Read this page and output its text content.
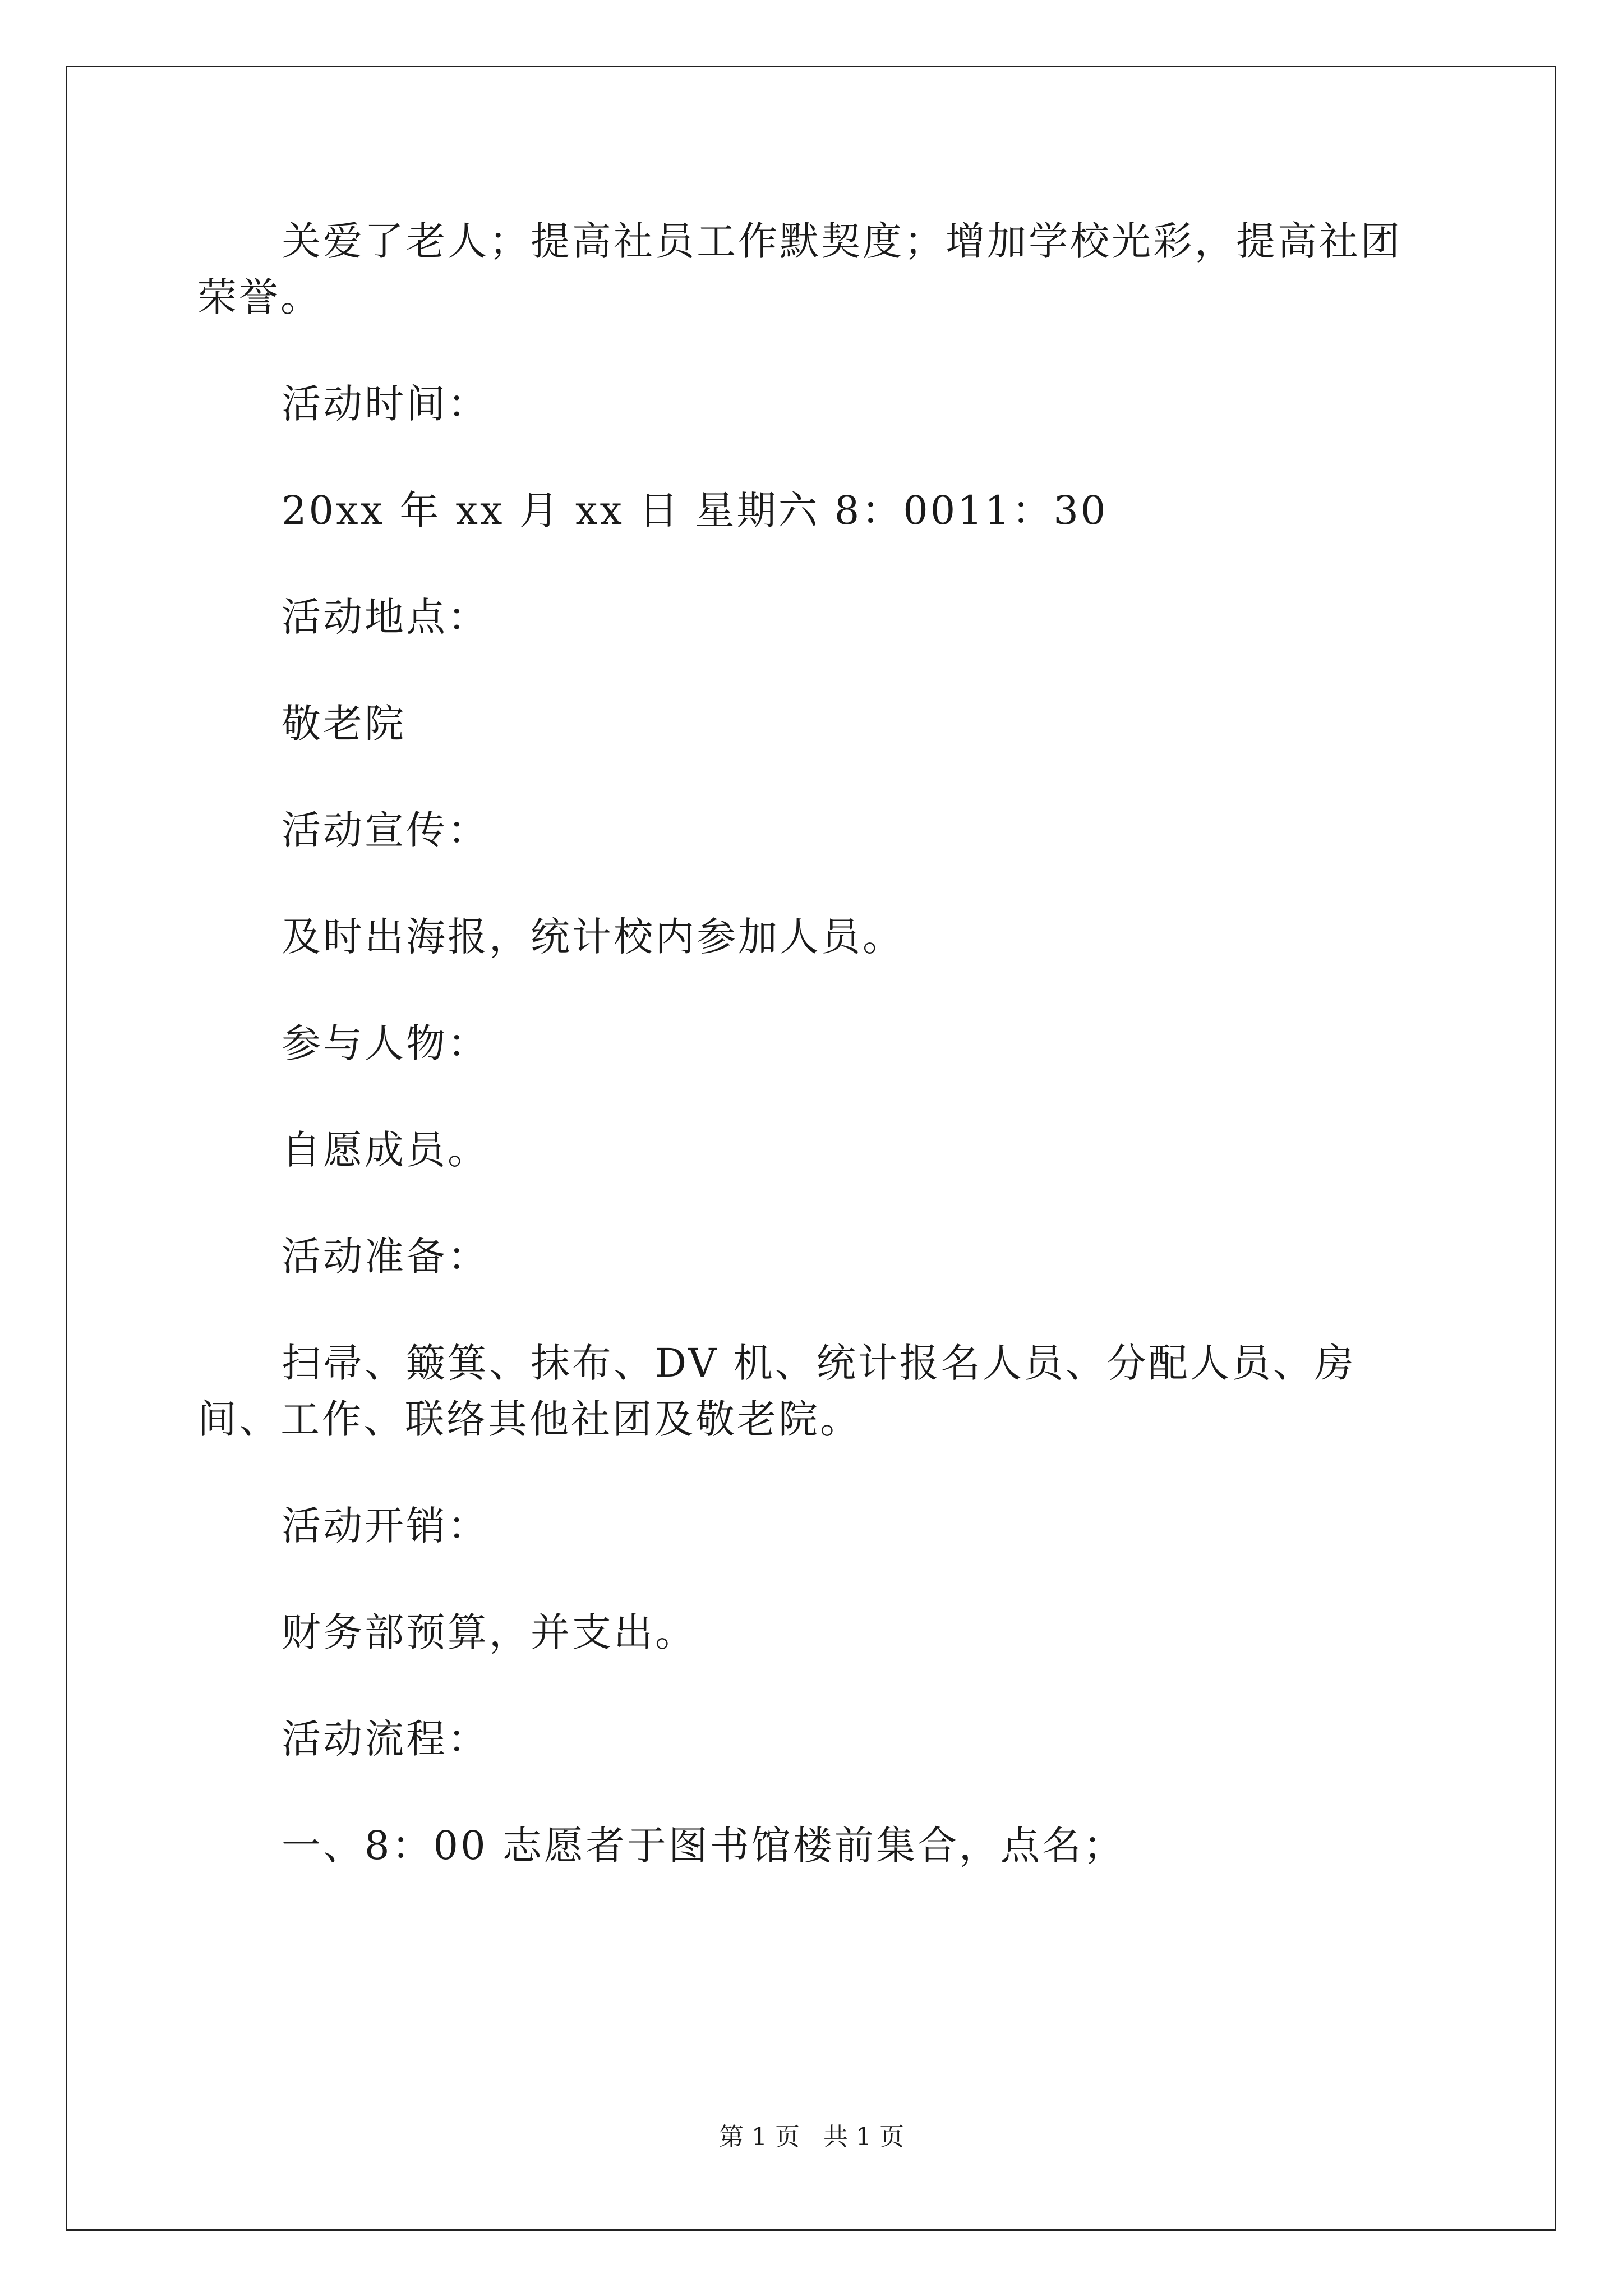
关爱了老人；提高社员工作默契度；增加学校光彩，提高社团荣誉。

活动时间：

20xx 年 xx 月 xx 日 星期六 8：0011：30

活动地点：

敬老院

活动宣传：

及时出海报，统计校内参加人员。

参与人物：

自愿成员。

活动准备：

扫帚、簸箕、抹布、DV 机、统计报名人员、分配人员、房间、工作、联络其他社团及敬老院。

活动开销：

财务部预算，并支出。

活动流程：

一、8：00 志愿者于图书馆楼前集合，点名；

第 1 页   共 1 页
